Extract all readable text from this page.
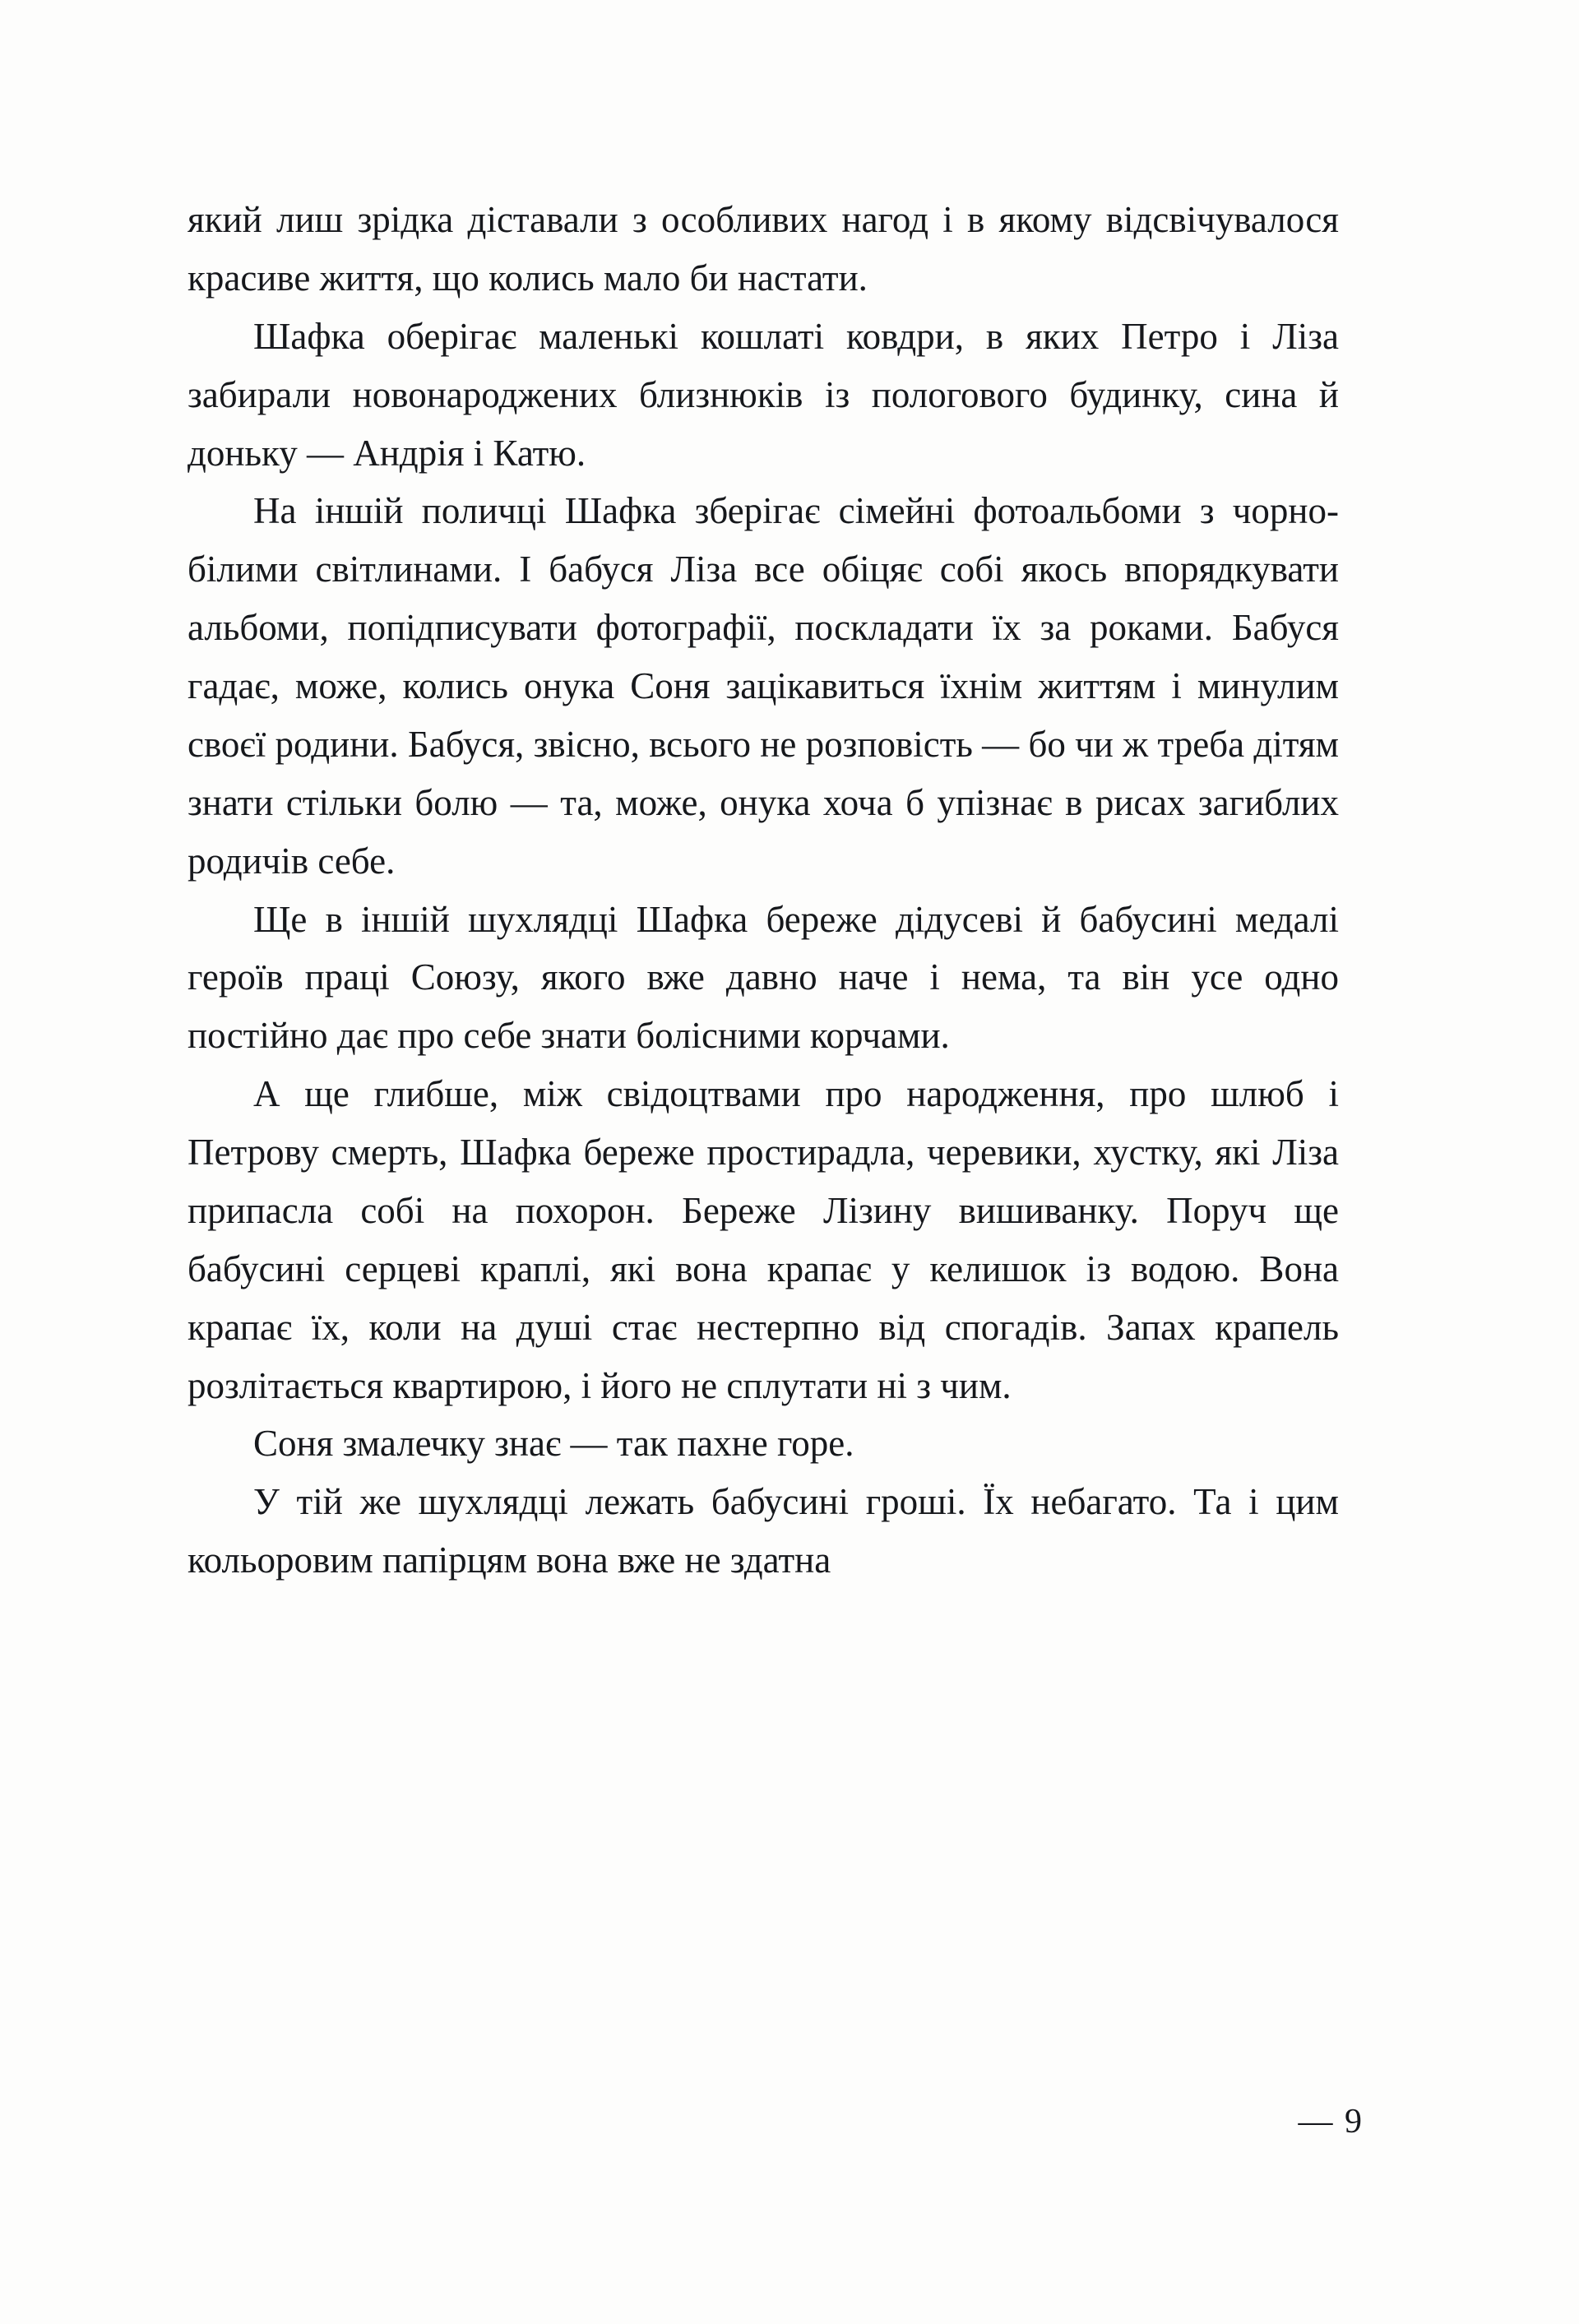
який лиш зрідка діставали з особливих нагод і в якому відсвічувалося красиве життя, що колись мало би настати.

Шафка оберігає маленькі кошлаті ковдри, в яких Петро і Ліза забирали новонароджених близнюків із пологового будинку, сина й доньку — Андрія і Катю.

На іншій поличці Шафка зберігає сімейні фотоальбоми з чорно-білими світлинами. І бабуся Ліза все обіцяє собі якось впорядкувати альбоми, попідписувати фотографії, поскладати їх за роками. Бабуся гадає, може, колись онука Соня зацікавиться їхнім життям і минулим своєї родини. Бабуся, звісно, всього не розповість — бо чи ж треба дітям знати стільки болю — та, може, онука хоча б упізнає в рисах загиблих родичів себе.

Ще в іншій шухлядці Шафка береже дідусеві й бабусині медалі героїв праці Союзу, якого вже давно наче і нема, та він усе одно постійно дає про себе знати болісними корчами.

А ще глибше, між свідоцтвами про народження, про шлюб і Петрову смерть, Шафка береже простирадла, черевики, хустку, які Ліза припасла собі на похорон. Береже Лізину вишиванку. Поруч ще бабусині серцеві краплі, які вона крапає у келишок із водою. Вона крапає їх, коли на душі стає нестерпно від спогадів. Запах крапель розлітається квартирою, і його не сплутати ні з чим.

Соня змалечку знає — так пахне горе.

У тій же шухлядці лежать бабусині гроші. Їх небагато. Та і цим кольоровим папірцям вона вже не здатна

— 9
